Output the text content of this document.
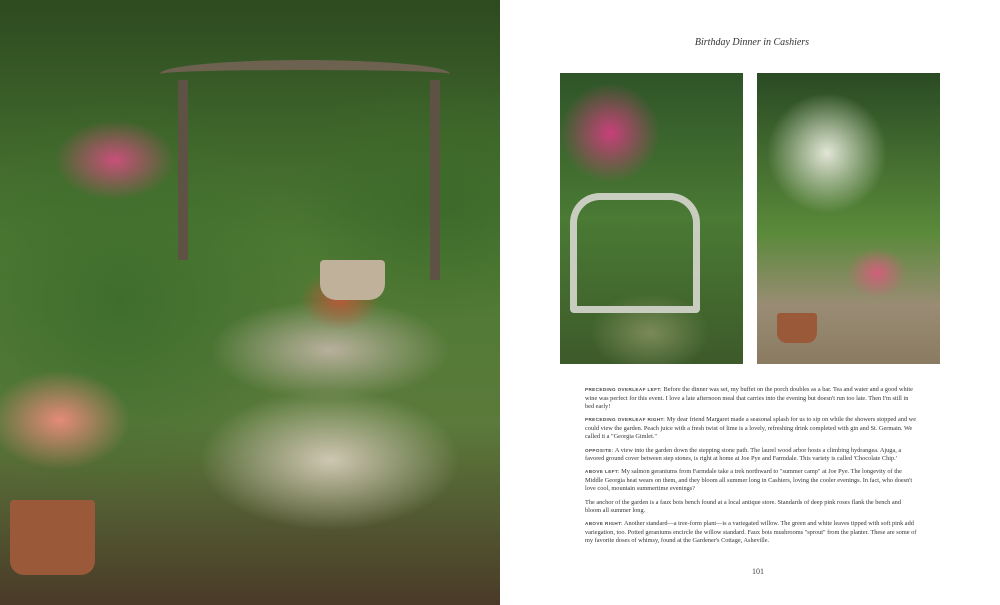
Birthday Dinner in Cashiers

PRECEDING OVERLEAF LEFT: Before the dinner was set, my buffet on the porch doubles as a bar. Tea and water and a good white wine was perfect for this event. I love a late afternoon meal that carries into the evening but doesn't run too late. Then I'm still in bed early!

PRECEDING OVERLEAF RIGHT: My dear friend Margaret made a seasonal splash for us to sip on while the showers stopped and we could view the garden. Peach juice with a fresh twist of lime is a lovely, refreshing drink completed with gin and St. Germain. We called it a "Georgia Gimlet."

OPPOSITE: A view into the garden down the stepping stone path. The laurel wood arbor hosts a climbing hydrangea. Ajuga, a favored ground cover between step stones, is right at home at Joe Pye and Farmdale. This variety is called 'Chocolate Chip.'

ABOVE LEFT: My salmon geraniums from Farmdale take a trek northward to "summer camp" at Joe Pye. The longevity of the Middle Georgia heat wears on them, and they bloom all summer long in Cashiers, loving the cooler evenings. In fact, who doesn't love cool, mountain summertime evenings?

The anchor of the garden is a faux bois bench found at a local antique store. Standards of deep pink roses flank the bench and bloom all summer long.

ABOVE RIGHT: Another standard—a tree-form plant—is a variegated willow. The green and white leaves tipped with soft pink add variegation, too. Potted geraniums encircle the willow standard. Faux bois mushrooms "sprout" from the planter. These are some of my favorite doses of whimsy, found at the Gardener's Cottage, Asheville.

101
